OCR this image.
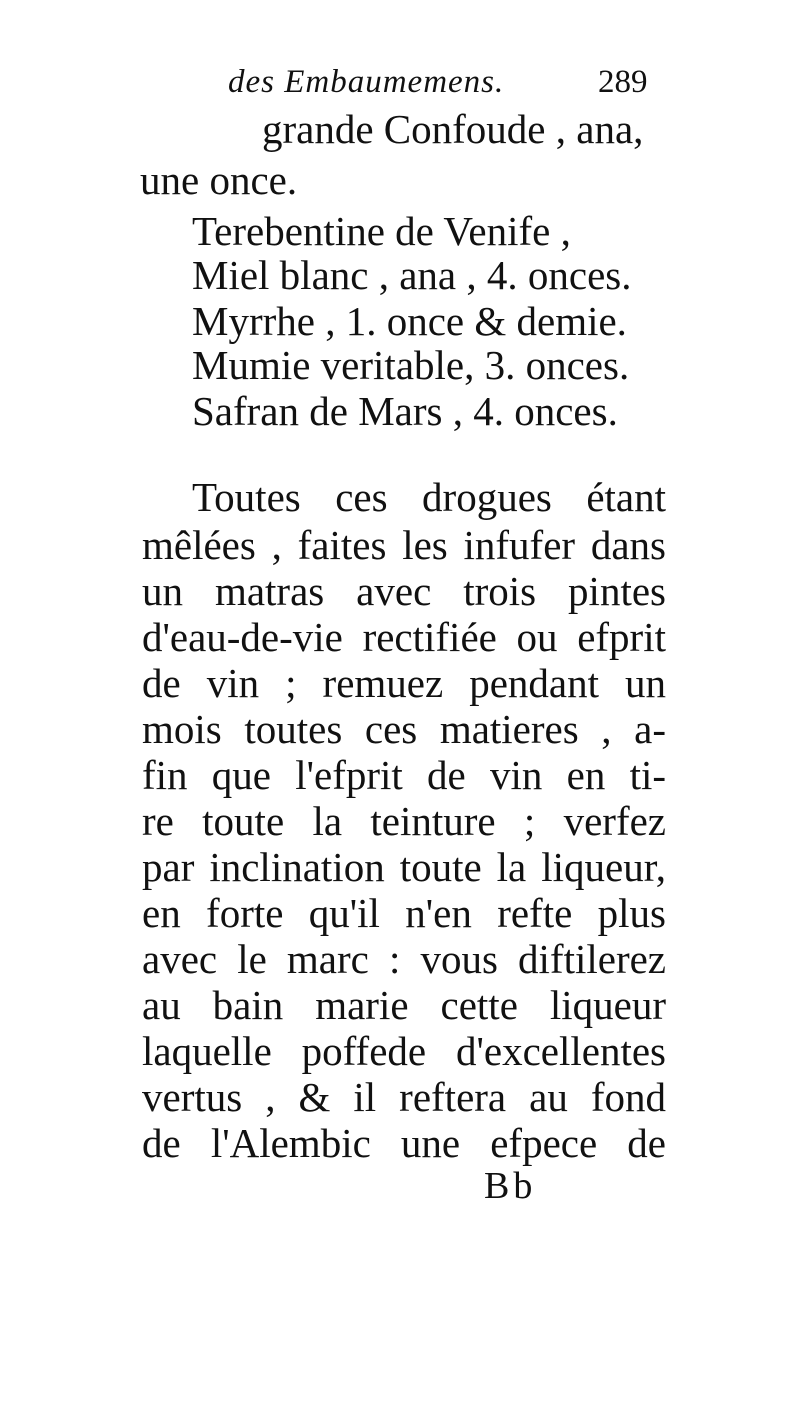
des Embaumemens.	289
grande Confoude , ana,
une once.
Terebentine de Venife ,
Miel blanc , ana , 4. onces.
Myrrhe , 1. once & demie.
Mumie veritable, 3. onces.
Safran de Mars , 4. onces.
Toutes ces drogues étant
mêlées , faites les infufer dans
un matras avec trois pintes
d'eau-de-vie rectifiée ou efprit
de vin ; remuez pendant un
mois toutes ces matieres , a-
fin que l'efprit de vin en ti-
re toute la teinture ; verfez
par inclination toute la liqueur,
en forte qu'il n'en refte plus
avec le marc : vous diftilerez
au bain marie cette liqueur
laquelle poffede d'excellentes
vertus , & il reftera au fond
de l'Alembic une efpece de
Bb
